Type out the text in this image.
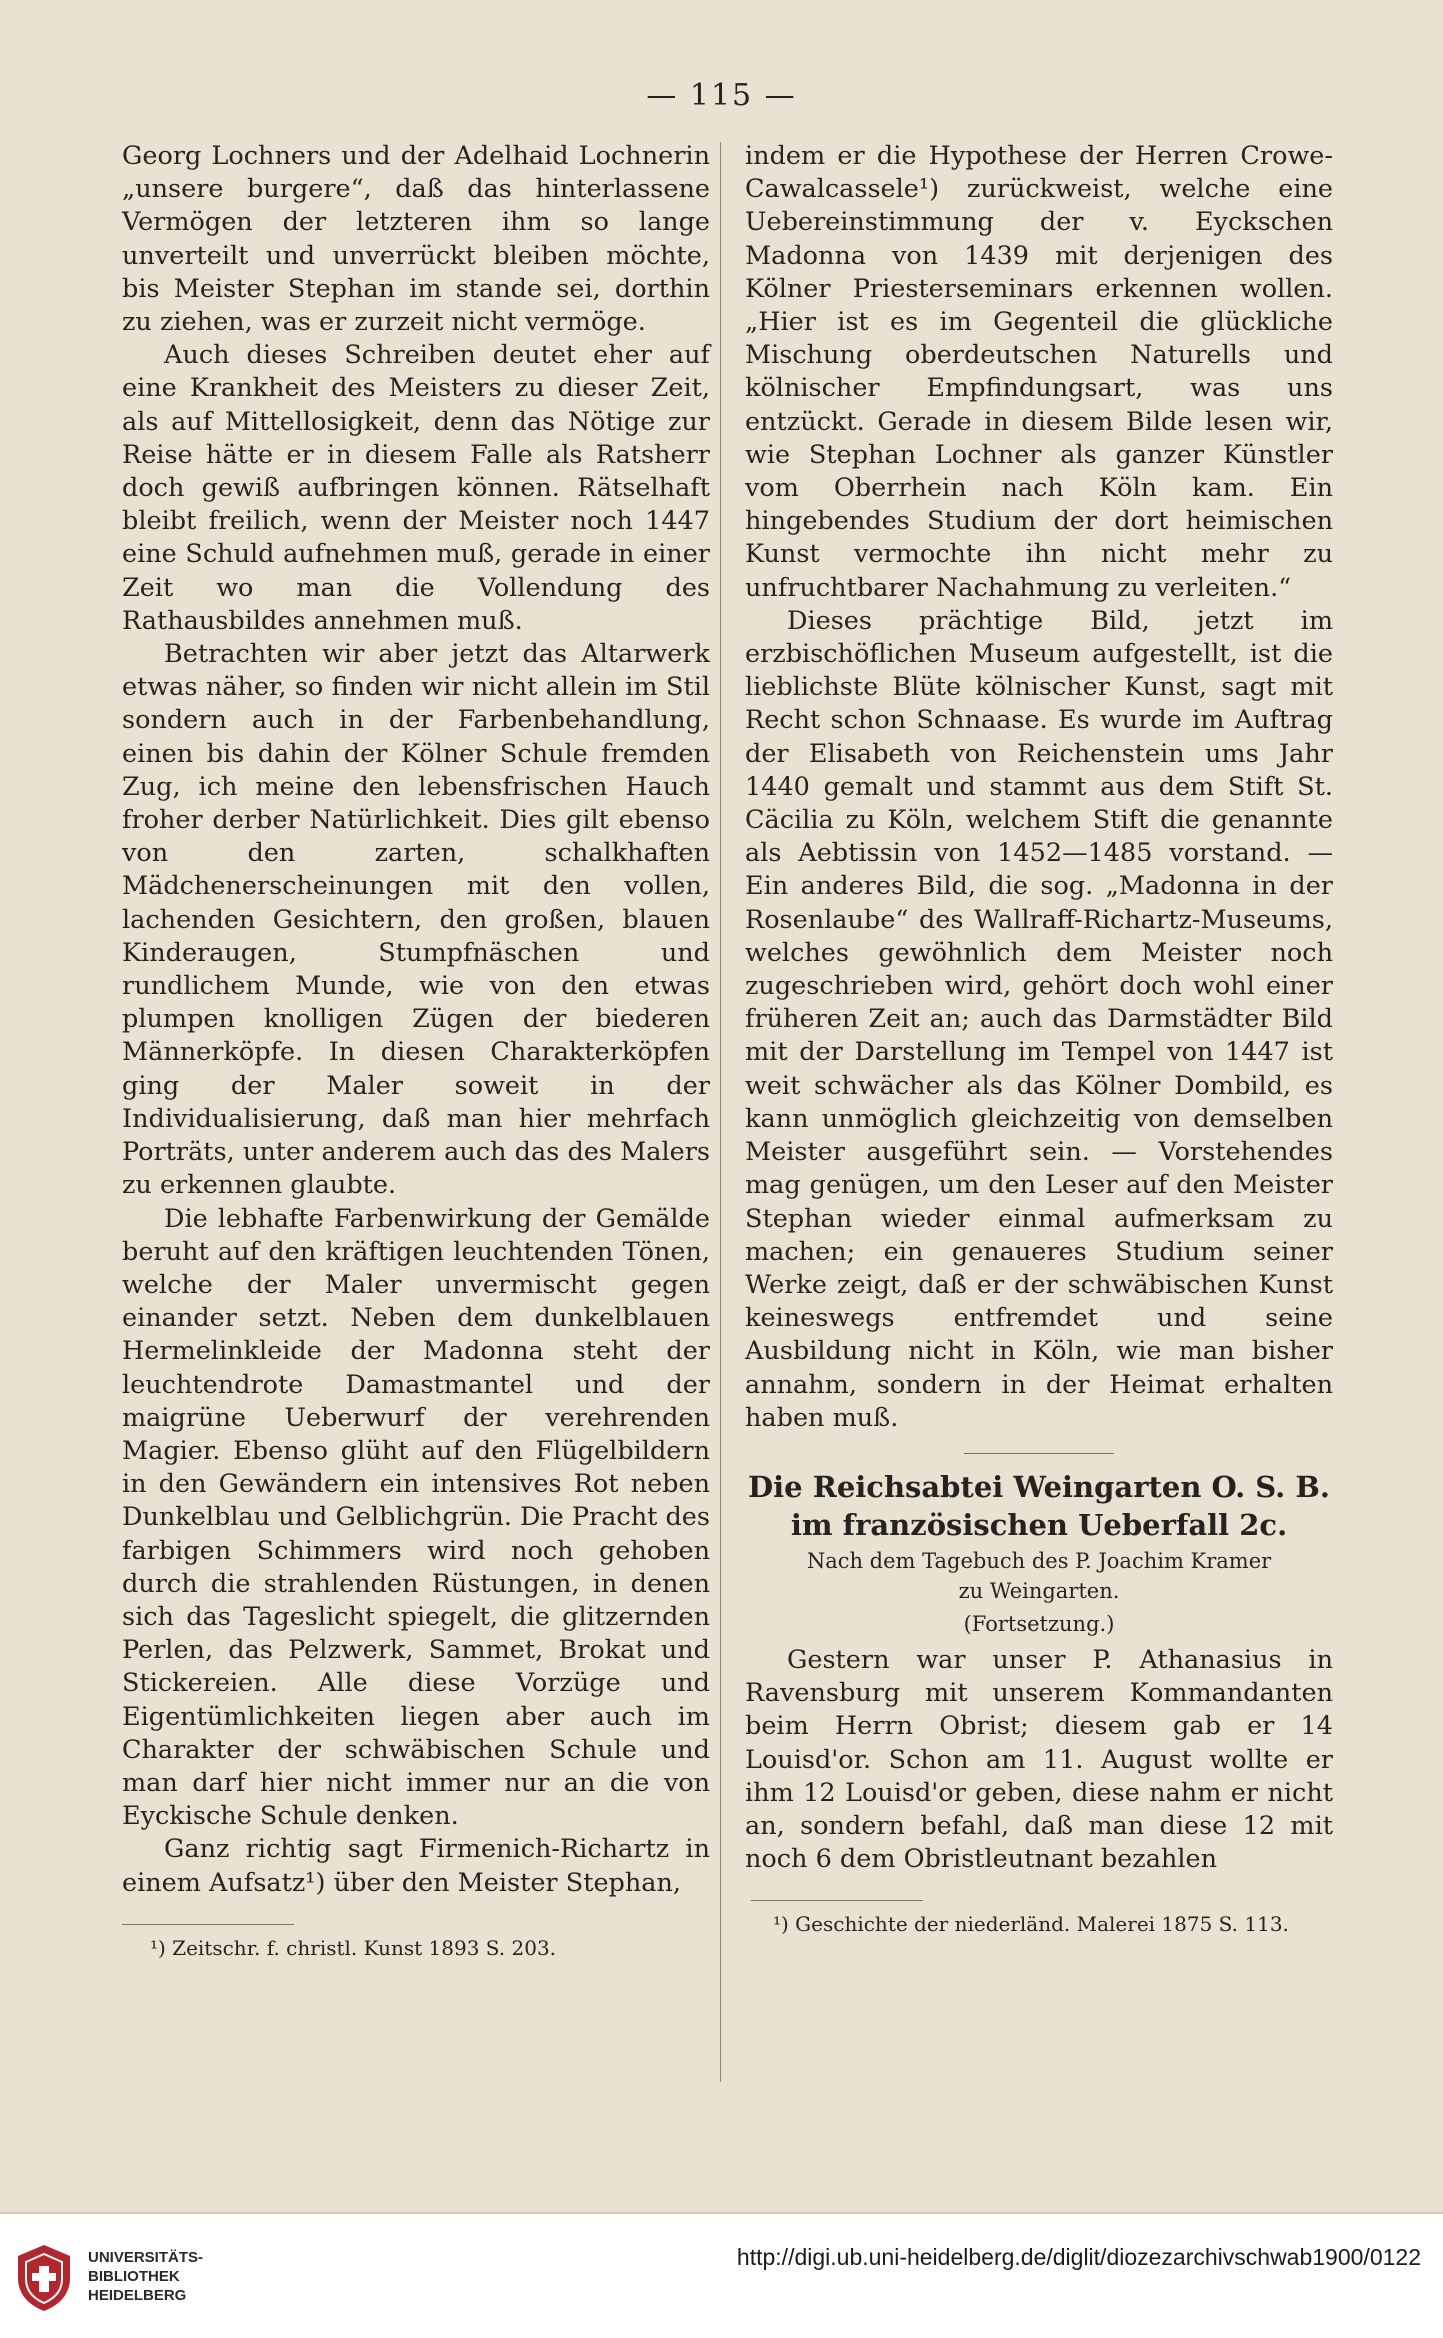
— 115 —

Georg Lochners und der Adelhaid Lochnerin „unsere burgere“, daß das hinterlassene Vermögen der letzteren ihm so lange unverteilt und unverrückt bleiben möchte, bis Meister Stephan im stande sei, dorthin zu ziehen, was er zurzeit nicht vermöge.

Auch dieses Schreiben deutet eher auf eine Krankheit des Meisters zu dieser Zeit, als auf Mittellosigkeit, denn das Nötige zur Reise hätte er in diesem Falle als Ratsherr doch gewiß aufbringen können. Rätselhaft bleibt freilich, wenn der Meister noch 1447 eine Schuld aufnehmen muß, gerade in einer Zeit wo man die Vollendung des Rathausbildes annehmen muß.

Betrachten wir aber jetzt das Altarwerk etwas näher, so finden wir nicht allein im Stil sondern auch in der Farbenbehandlung, einen bis dahin der Kölner Schule fremden Zug, ich meine den lebensfrischen Hauch froher derber Natürlichkeit. Dies gilt ebenso von den zarten, schalkhaften Mädchenerscheinungen mit den vollen, lachenden Gesichtern, den großen, blauen Kinderaugen, Stumpfnäschen und rundlichem Munde, wie von den etwas plumpen knolligen Zügen der biederen Männerköpfe. In diesen Charakterköpfen ging der Maler soweit in der Individualisierung, daß man hier mehrfach Porträts, unter anderem auch das des Malers zu erkennen glaubte.

Die lebhafte Farbenwirkung der Gemälde beruht auf den kräftigen leuchtenden Tönen, welche der Maler unvermischt gegen einander setzt. Neben dem dunkelblauen Hermelinkleide der Madonna steht der leuchtendrote Damastmantel und der maigrüne Ueberwurf der verehrenden Magier. Ebenso glüht auf den Flügelbildern in den Gewändern ein intensives Rot neben Dunkelblau und Gelblichgrün. Die Pracht des farbigen Schimmers wird noch gehoben durch die strahlenden Rüstungen, in denen sich das Tageslicht spiegelt, die glitzernden Perlen, das Pelzwerk, Sammet, Brokat und Stickereien. Alle diese Vorzüge und Eigentümlichkeiten liegen aber auch im Charakter der schwäbischen Schule und man darf hier nicht immer nur an die von Eyckische Schule denken.

Ganz richtig sagt Firmenich-Richartz in einem Aufsatz¹) über den Meister Stephan,

¹) Zeitschr. f. christl. Kunst 1893 S. 203.

indem er die Hypothese der Herren Crowe-Cawalcassele¹) zurückweist, welche eine Uebereinstimmung der v. Eyckschen Madonna von 1439 mit derjenigen des Kölner Priesterseminars erkennen wollen. „Hier ist es im Gegenteil die glückliche Mischung oberdeutschen Naturells und kölnischer Empfindungsart, was uns entzückt. Gerade in diesem Bilde lesen wir, wie Stephan Lochner als ganzer Künstler vom Oberrhein nach Köln kam. Ein hingebendes Studium der dort heimischen Kunst vermochte ihn nicht mehr zu unfruchtbarer Nachahmung zu verleiten.“

Dieses prächtige Bild, jetzt im erzbischöflichen Museum aufgestellt, ist die lieblichste Blüte kölnischer Kunst, sagt mit Recht schon Schnaase. Es wurde im Auftrag der Elisabeth von Reichenstein ums Jahr 1440 gemalt und stammt aus dem Stift St. Cäcilia zu Köln, welchem Stift die genannte als Aebtissin von 1452—1485 vorstand. — Ein anderes Bild, die sog. „Madonna in der Rosenlaube“ des Wallraff-Richartz-Museums, welches gewöhnlich dem Meister noch zugeschrieben wird, gehört doch wohl einer früheren Zeit an; auch das Darmstädter Bild mit der Darstellung im Tempel von 1447 ist weit schwächer als das Kölner Dombild, es kann unmöglich gleichzeitig von demselben Meister ausgeführt sein. — Vorstehendes mag genügen, um den Leser auf den Meister Stephan wieder einmal aufmerksam zu machen; ein genaueres Studium seiner Werke zeigt, daß er der schwäbischen Kunst keineswegs entfremdet und seine Ausbildung nicht in Köln, wie man bisher annahm, sondern in der Heimat erhalten haben muß.

Die Reichsabtei Weingarten O. S. B.

im französischen Ueberfall 2c.

Nach dem Tagebuch des P. Joachim Kramer

zu Weingarten.

(Fortsetzung.)

Gestern war unser P. Athanasius in Ravensburg mit unserem Kommandanten beim Herrn Obrist; diesem gab er 14 Louisd'or. Schon am 11. August wollte er ihm 12 Louisd'or geben, diese nahm er nicht an, sondern befahl, daß man diese 12 mit noch 6 dem Obristleutnant bezahlen

¹) Geschichte der niederländ. Malerei 1875 S. 113.

UNIVERSITÄTS-
BIBLIOTHEK
HEIDELBERG
http://digi.ub.uni-heidelberg.de/diglit/diozezarchivschwab1900/0122
